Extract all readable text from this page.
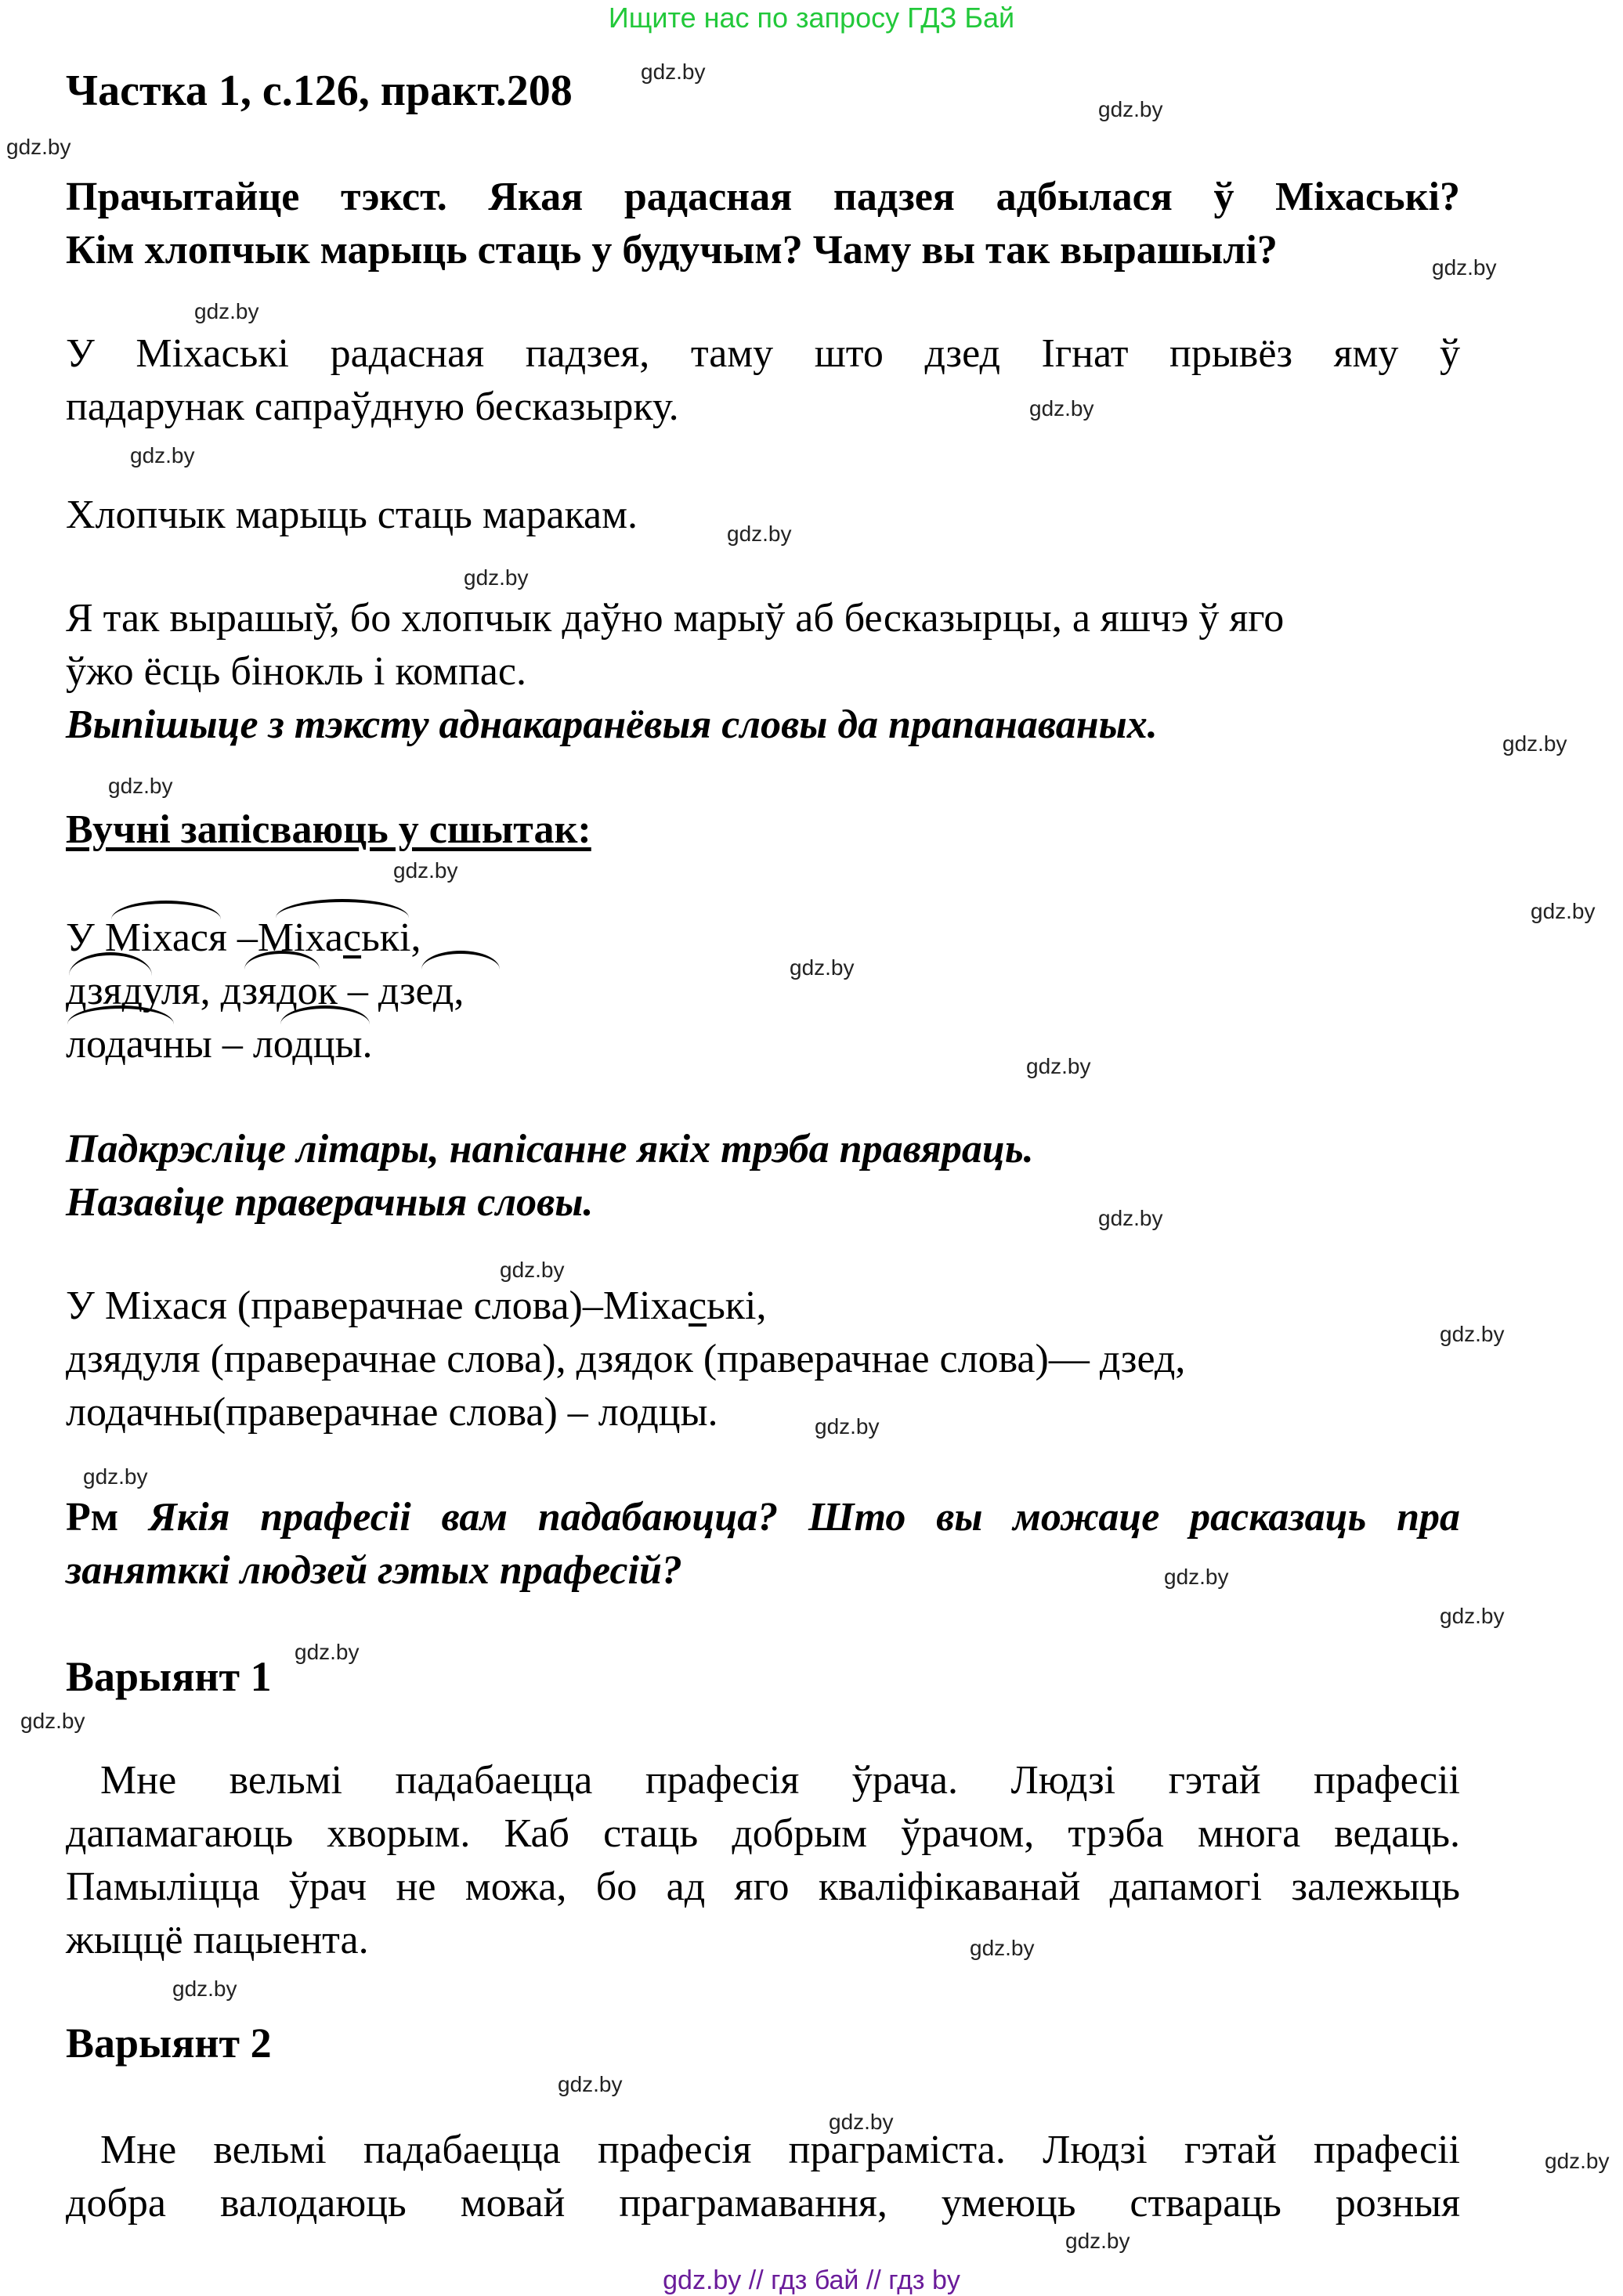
Ищите нас по запросу ГДЗ Бай
Частка 1, с.126, практ.208
Прачытайце тэкст. Якая радасная падзея адбылася ў Міхаські?
Кім хлопчык марыць стаць у будучым? Чаму вы так вырашылі?
У Міхаські радасная падзея, таму што дзед Ігнат прывёз яму ў
падарунак сапраўдную бесказырку.
Хлопчык марыць стаць маракам.
Я так вырашыў, бо хлопчык даўно марыў аб бесказырцы, а яшчэ ў яго
ўжо ёсць бінокль і компас.
Выпішыце з тэксту аднакаранёвыя словы да прапанаваных.
Вучні запісваюць у сшытак:
У Міхася –Міхаські,
дзядуля, дзядок – дзед,
лодачны – лодцы.
Падкрэсліце літары, напісанне якіх трэба правяраць.
Назавіце праверачныя словы.
У Міхася (праверачнае слова)–Міхаські,
дзядуля (праверачнае слова), дзядок (праверачнае слова)— дзед,
лодачны(праверачнае слова) – лодцы.
Рм Якія прафесіі вам падабаюцца? Што вы можаце расказаць пра
занятккі людзей гэтых прафесій?
Варыянт 1
Мне вельмі падабаецца прафесія ўрача. Людзі гэтай прафесіі
дапамагаюць хворым. Каб стаць добрым ўрачом, трэба многа ведаць.
Памыліцца ўрач не можа, бо ад яго кваліфікаванай дапамогі залежыць
жыццё пацыента.
Варыянт 2
Мне вельмі падабаецца прафесія праграміста. Людзі гэтай прафесіі
добра валодаюць мовай праграмавання, умеюць ствараць розныя
gdz.by
gdz.by
gdz.by
gdz.by
gdz.by
gdz.by
gdz.by
gdz.by
gdz.by
gdz.by
gdz.by
gdz.by
gdz.by
gdz.by
gdz.by
gdz.by
gdz.by
gdz.by
gdz.by
gdz.by
gdz.by
gdz.by
gdz.by
gdz.by
gdz.by
gdz.by
gdz.by
gdz.by
gdz.by
gdz.by
gdz.by // гдз бай // гдз by
